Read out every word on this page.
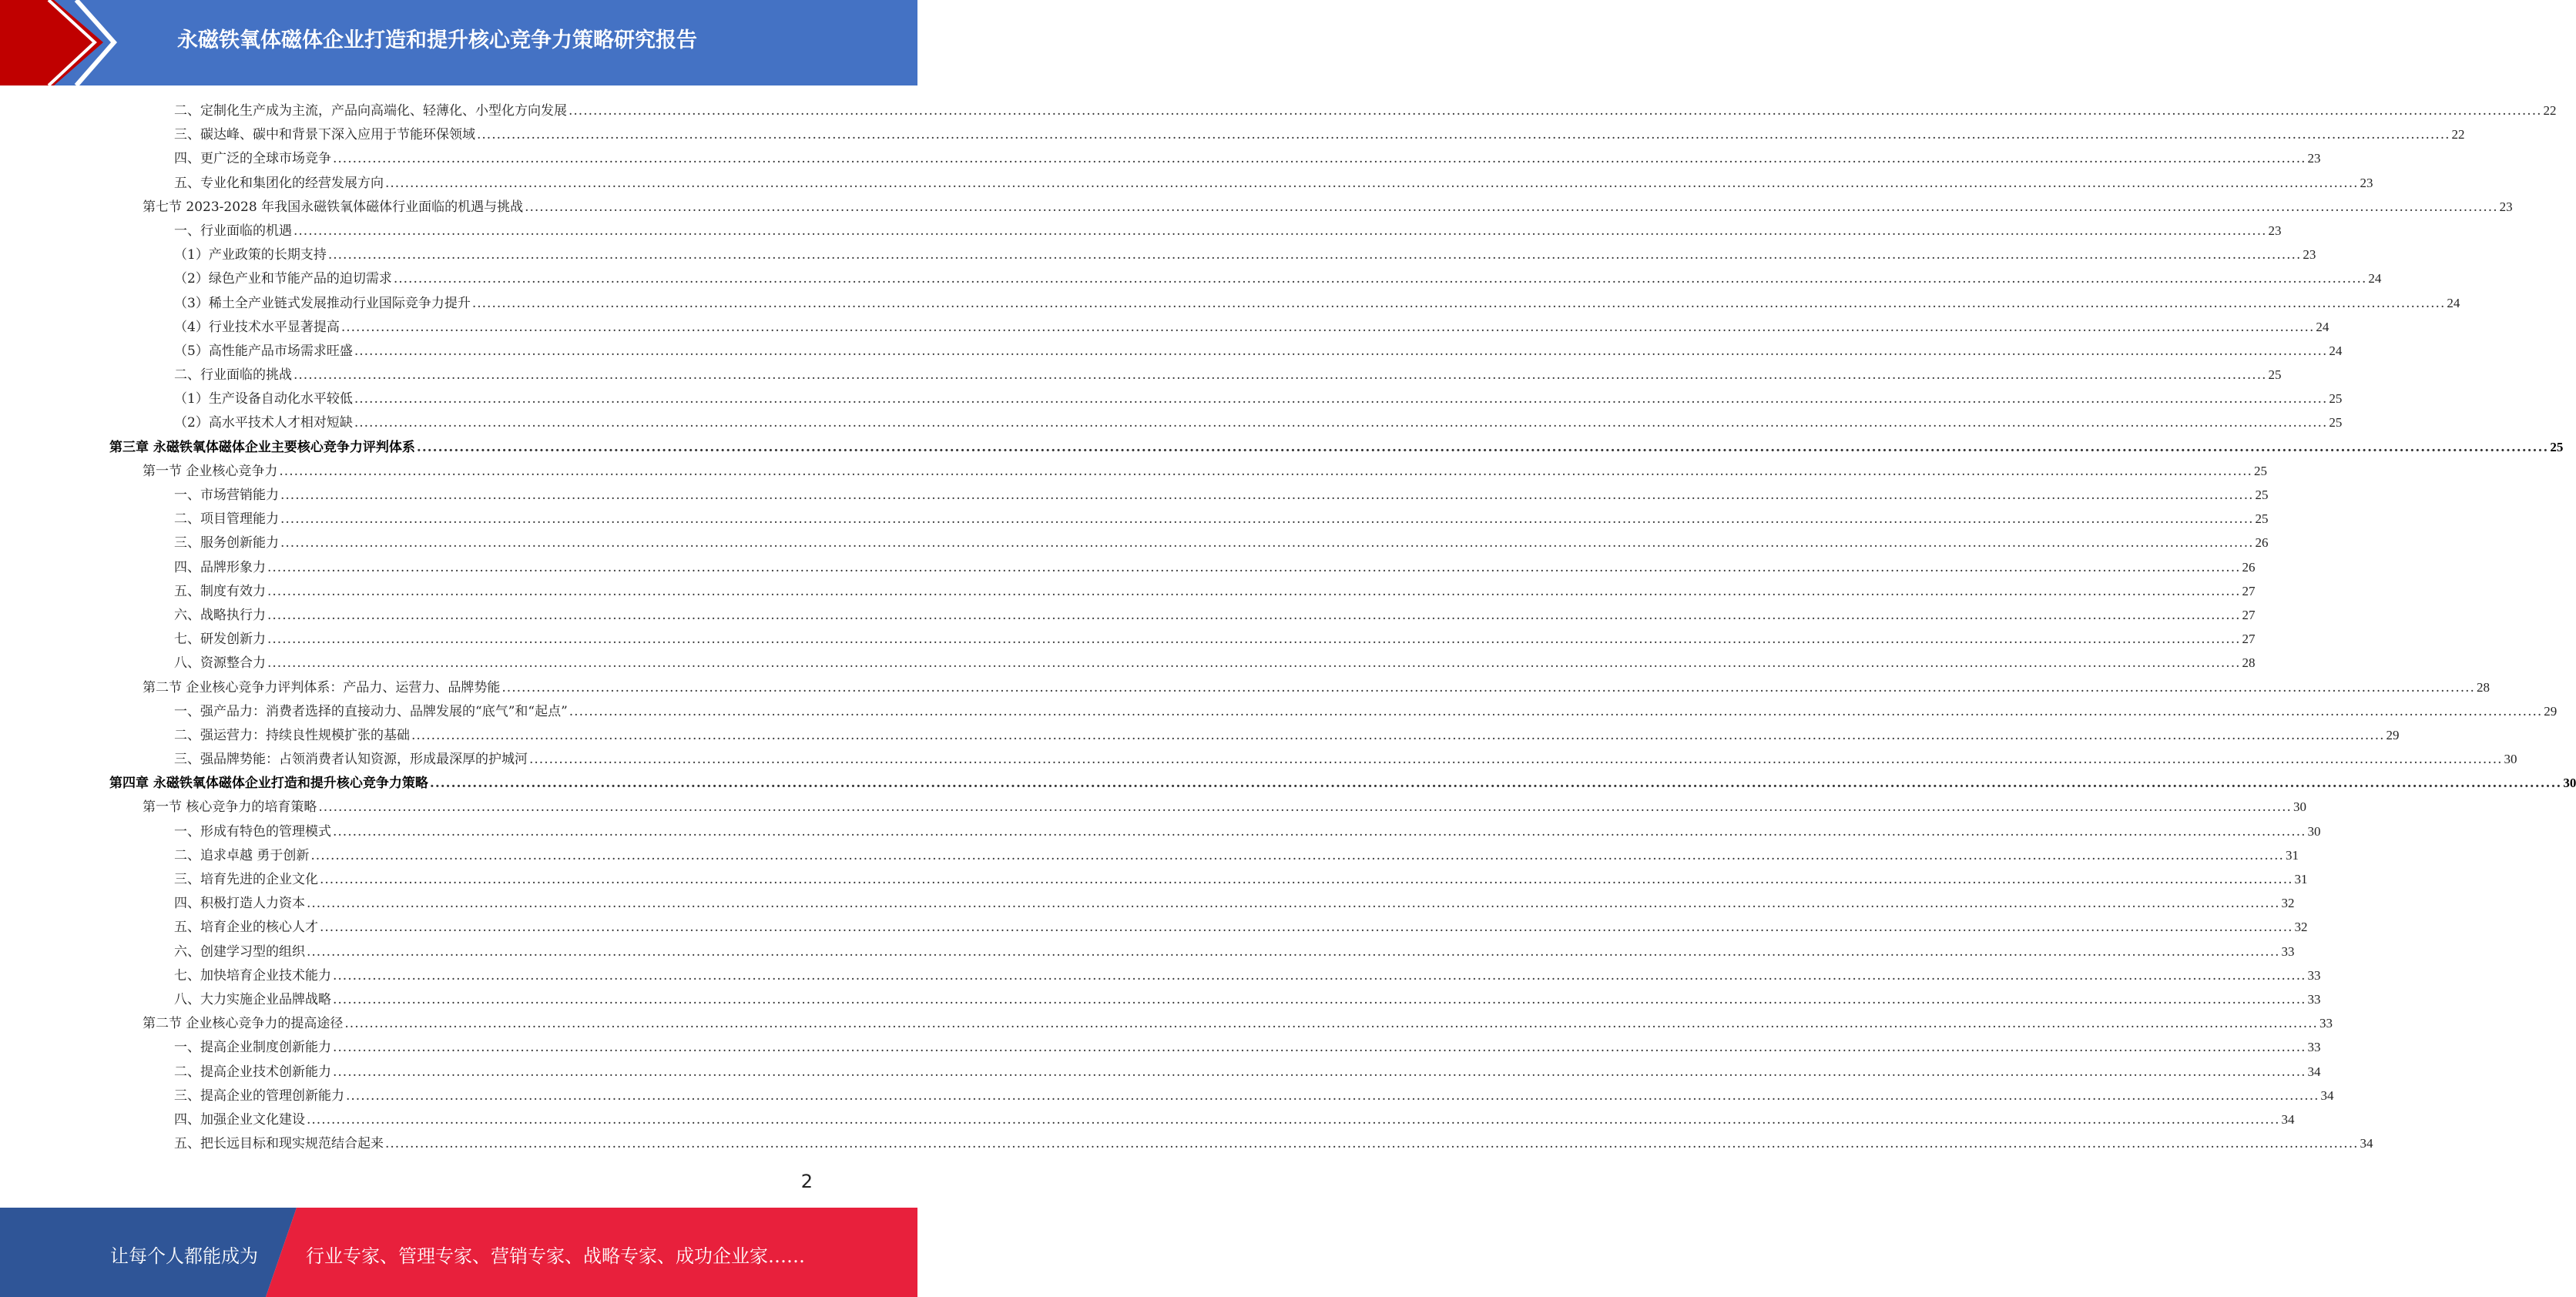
永磁铁氧体磁体企业打造和提升核心竞争力策略研究报告
二、定制化生产成为主流，产品向高端化、轻薄化、小型化方向发展 ................................................................................................................................................................................................................................................................................................................................................................................................................ 22
三、碳达峰、碳中和背景下深入应用于节能环保领域 ................................................................................................................................................................................................................................................................................................................................................................................................................ 22
四、更广泛的全球市场竞争 ................................................................................................................................................................................................................................................................................................................................................................................................................ 23
五、专业化和集团化的经营发展方向 ................................................................................................................................................................................................................................................................................................................................................................................................................ 23
第七节 2023-2028 年我国永磁铁氧体磁体行业面临的机遇与挑战 ................................................................................................................................................................................................................................................................................................................................................................................................................ 23
一、行业面临的机遇 ................................................................................................................................................................................................................................................................................................................................................................................................................ 23
（1）产业政策的长期支持 ................................................................................................................................................................................................................................................................................................................................................................................................................ 23
（2）绿色产业和节能产品的迫切需求 ................................................................................................................................................................................................................................................................................................................................................................................................................ 24
（3）稀土全产业链式发展推动行业国际竞争力提升 ................................................................................................................................................................................................................................................................................................................................................................................................................ 24
（4）行业技术水平显著提高 ................................................................................................................................................................................................................................................................................................................................................................................................................ 24
（5）高性能产品市场需求旺盛 ................................................................................................................................................................................................................................................................................................................................................................................................................ 24
二、行业面临的挑战 ................................................................................................................................................................................................................................................................................................................................................................................................................ 25
（1）生产设备自动化水平较低 ................................................................................................................................................................................................................................................................................................................................................................................................................ 25
（2）高水平技术人才相对短缺 ................................................................................................................................................................................................................................................................................................................................................................................................................ 25
第三章 永磁铁氧体磁体企业主要核心竞争力评判体系 ................................................................................................................................................................................................................................................................................................................................................................................................................ 25
第一节 企业核心竞争力 ................................................................................................................................................................................................................................................................................................................................................................................................................ 25
一、市场营销能力 ................................................................................................................................................................................................................................................................................................................................................................................................................ 25
二、项目管理能力 ................................................................................................................................................................................................................................................................................................................................................................................................................ 25
三、服务创新能力 ................................................................................................................................................................................................................................................................................................................................................................................................................ 26
四、品牌形象力 ................................................................................................................................................................................................................................................................................................................................................................................................................ 26
五、制度有效力 ................................................................................................................................................................................................................................................................................................................................................................................................................ 27
六、战略执行力 ................................................................................................................................................................................................................................................................................................................................................................................................................ 27
七、研发创新力 ................................................................................................................................................................................................................................................................................................................................................................................................................ 27
八、资源整合力 ................................................................................................................................................................................................................................................................................................................................................................................................................ 28
第二节 企业核心竞争力评判体系：产品力、运营力、品牌势能 ................................................................................................................................................................................................................................................................................................................................................................................................................ 28
一、强产品力：消费者选择的直接动力、品牌发展的“底气”和“起点” ................................................................................................................................................................................................................................................................................................................................................................................................................ 29
二、强运营力：持续良性规模扩张的基础 ................................................................................................................................................................................................................................................................................................................................................................................................................ 29
三、强品牌势能：占领消费者认知资源，形成最深厚的护城河 ................................................................................................................................................................................................................................................................................................................................................................................................................ 30
第四章 永磁铁氧体磁体企业打造和提升核心竞争力策略 ................................................................................................................................................................................................................................................................................................................................................................................................................ 30
第一节 核心竞争力的培育策略 ................................................................................................................................................................................................................................................................................................................................................................................................................ 30
一、形成有特色的管理模式 ................................................................................................................................................................................................................................................................................................................................................................................................................ 30
二、追求卓越 勇于创新 ................................................................................................................................................................................................................................................................................................................................................................................................................ 31
三、培育先进的企业文化 ................................................................................................................................................................................................................................................................................................................................................................................................................ 31
四、积极打造人力资本 ................................................................................................................................................................................................................................................................................................................................................................................................................ 32
五、培育企业的核心人才 ................................................................................................................................................................................................................................................................................................................................................................................................................ 32
六、创建学习型的组织 ................................................................................................................................................................................................................................................................................................................................................................................................................ 33
七、加快培育企业技术能力 ................................................................................................................................................................................................................................................................................................................................................................................................................ 33
八、大力实施企业品牌战略 ................................................................................................................................................................................................................................................................................................................................................................................................................ 33
第二节 企业核心竞争力的提高途径 ................................................................................................................................................................................................................................................................................................................................................................................................................ 33
一、提高企业制度创新能力 ................................................................................................................................................................................................................................................................................................................................................................................................................ 33
二、提高企业技术创新能力 ................................................................................................................................................................................................................................................................................................................................................................................................................ 34
三、提高企业的管理创新能力 ................................................................................................................................................................................................................................................................................................................................................................................................................ 34
四、加强企业文化建设 ................................................................................................................................................................................................................................................................................................................................................................................................................ 34
五、把长远目标和现实规范结合起来 ................................................................................................................................................................................................................................................................................................................................................................................................................ 34
2
让每个人都能成为	行业专家、管理专家、营销专家、战略专家、成功企业家……
